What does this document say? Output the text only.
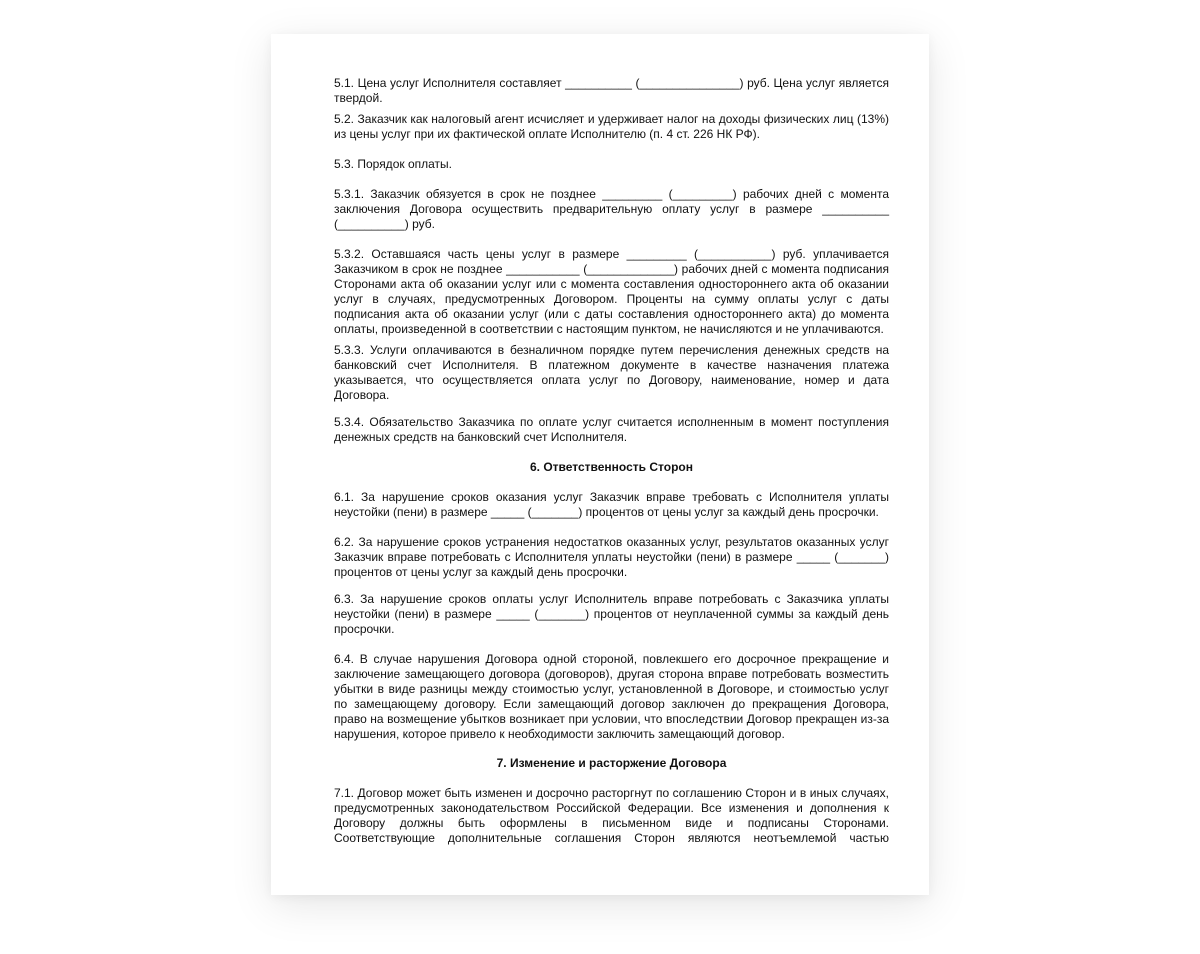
5.1. Цена услуг Исполнителя составляет __________ (_______________) руб. Цена услуг является твердой.

5.2. Заказчик как налоговый агент исчисляет и удерживает налог на доходы физических лиц (13%) из цены услуг при их фактической оплате Исполнителю (п. 4 ст. 226 НК РФ).

5.3. Порядок оплаты.

5.3.1. Заказчик обязуется в срок не позднее _________ (_________) рабочих дней с момента заключения Договора осуществить предварительную оплату услуг в размере __________ (__________) руб.

5.3.2. Оставшаяся часть цены услуг в размере _________ (___________) руб. уплачивается Заказчиком в срок не позднее ___________ (_____________) рабочих дней с момента подписания Сторонами акта об оказании услуг или с момента составления одностороннего акта об оказании услуг в случаях, предусмотренных Договором. Проценты на сумму оплаты услуг с даты подписания акта об оказании услуг (или с даты составления одностороннего акта) до момента оплаты, произведенной в соответствии с настоящим пунктом, не начисляются и не уплачиваются.

5.3.3. Услуги оплачиваются в безналичном порядке путем перечисления денежных средств на банковский счет Исполнителя. В платежном документе в качестве назначения платежа указывается, что осуществляется оплата услуг по Договору, наименование, номер и дата Договора.

5.3.4. Обязательство Заказчика по оплате услуг считается исполненным в момент поступления денежных средств на банковский счет Исполнителя.

6. Ответственность Сторон

6.1. За нарушение сроков оказания услуг Заказчик вправе требовать с Исполнителя уплаты неустойки (пени) в размере _____ (_______) процентов от цены услуг за каждый день просрочки.

6.2. За нарушение сроков устранения недостатков оказанных услуг, результатов оказанных услуг Заказчик вправе потребовать с Исполнителя уплаты неустойки (пени) в размере _____ (_______) процентов от цены услуг за каждый день просрочки.

6.3. За нарушение сроков оплаты услуг Исполнитель вправе потребовать с Заказчика уплаты неустойки (пени) в размере _____ (_______) процентов от неуплаченной суммы за каждый день просрочки.

6.4. В случае нарушения Договора одной стороной, повлекшего его досрочное прекращение и заключение замещающего договора (договоров), другая сторона вправе потребовать возместить убытки в виде разницы между стоимостью услуг, установленной в Договоре, и стоимостью услуг по замещающему договору. Если замещающий договор заключен до прекращения Договора, право на возмещение убытков возникает при условии, что впоследствии Договор прекращен из-за нарушения, которое привело к необходимости заключить замещающий договор.

7. Изменение и расторжение Договора

7.1. Договор может быть изменен и досрочно расторгнут по соглашению Сторон и в иных случаях, предусмотренных законодательством Российской Федерации. Все изменения и дополнения к Договору должны быть оформлены в письменном виде и подписаны Сторонами. Соответствующие дополнительные соглашения Сторон являются неотъемлемой частью
